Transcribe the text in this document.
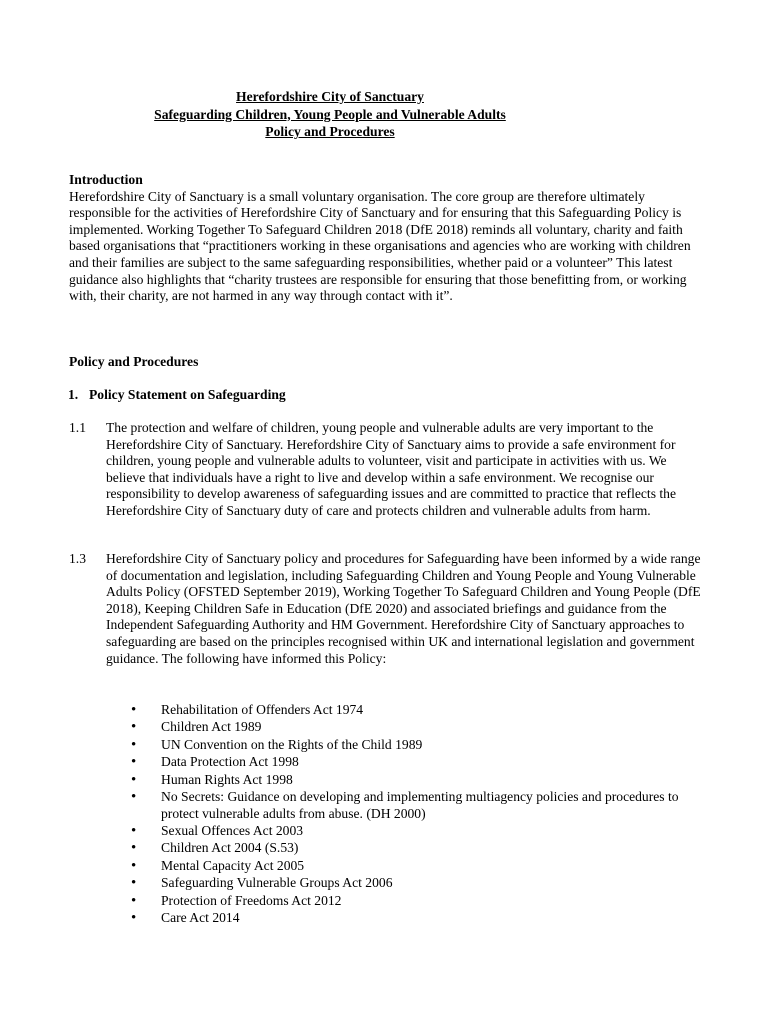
Herefordshire City of Sanctuary
Safeguarding Children, Young People and Vulnerable Adults
Policy and Procedures
Introduction

Herefordshire City of Sanctuary is a small voluntary organisation. The core group are therefore ultimately responsible for the activities of Herefordshire City of Sanctuary and for ensuring that this Safeguarding Policy is implemented. Working Together To Safeguard Children 2018 (DfE 2018) reminds all voluntary, charity and faith based organisations that “practitioners working in these organisations and agencies who are working with children and their families are subject to the same safeguarding responsibilities, whether paid or a volunteer” This latest guidance also highlights that “charity trustees are responsible for ensuring that those benefitting from, or working with, their charity, are not harmed in any way through contact with it”.

Policy and Procedures
1. Policy Statement on Safeguarding
1.1 The protection and welfare of children, young people and vulnerable adults are very important to the Herefordshire City of Sanctuary. Herefordshire City of Sanctuary aims to provide a safe environment for children, young people and vulnerable adults to volunteer, visit and participate in activities with us. We believe that individuals have a right to live and develop within a safe environment. We recognise our responsibility to develop awareness of safeguarding issues and are committed to practice that reflects the Herefordshire City of Sanctuary duty of care and protects children and vulnerable adults from harm.

1.3 Herefordshire City of Sanctuary policy and procedures for Safeguarding have been informed by a wide range of documentation and legislation, including Safeguarding Children and Young People and Young Vulnerable Adults Policy (OFSTED September 2019), Working Together To Safeguard Children and Young People (DfE 2018), Keeping Children Safe in Education (DfE 2020) and associated briefings and guidance from the Independent Safeguarding Authority and HM Government. Herefordshire City of Sanctuary approaches to safeguarding are based on the principles recognised within UK and international legislation and government guidance. The following have informed this Policy:

• Rehabilitation of Offenders Act 1974
• Children Act 1989
• UN Convention on the Rights of the Child 1989
• Data Protection Act 1998
• Human Rights Act 1998
• No Secrets: Guidance on developing and implementing multiagency policies and procedures to protect vulnerable adults from abuse. (DH 2000)
• Sexual Offences Act 2003
• Children Act 2004 (S.53)
• Mental Capacity Act 2005
• Safeguarding Vulnerable Groups Act 2006
• Protection of Freedoms Act 2012
• Care Act 2014
